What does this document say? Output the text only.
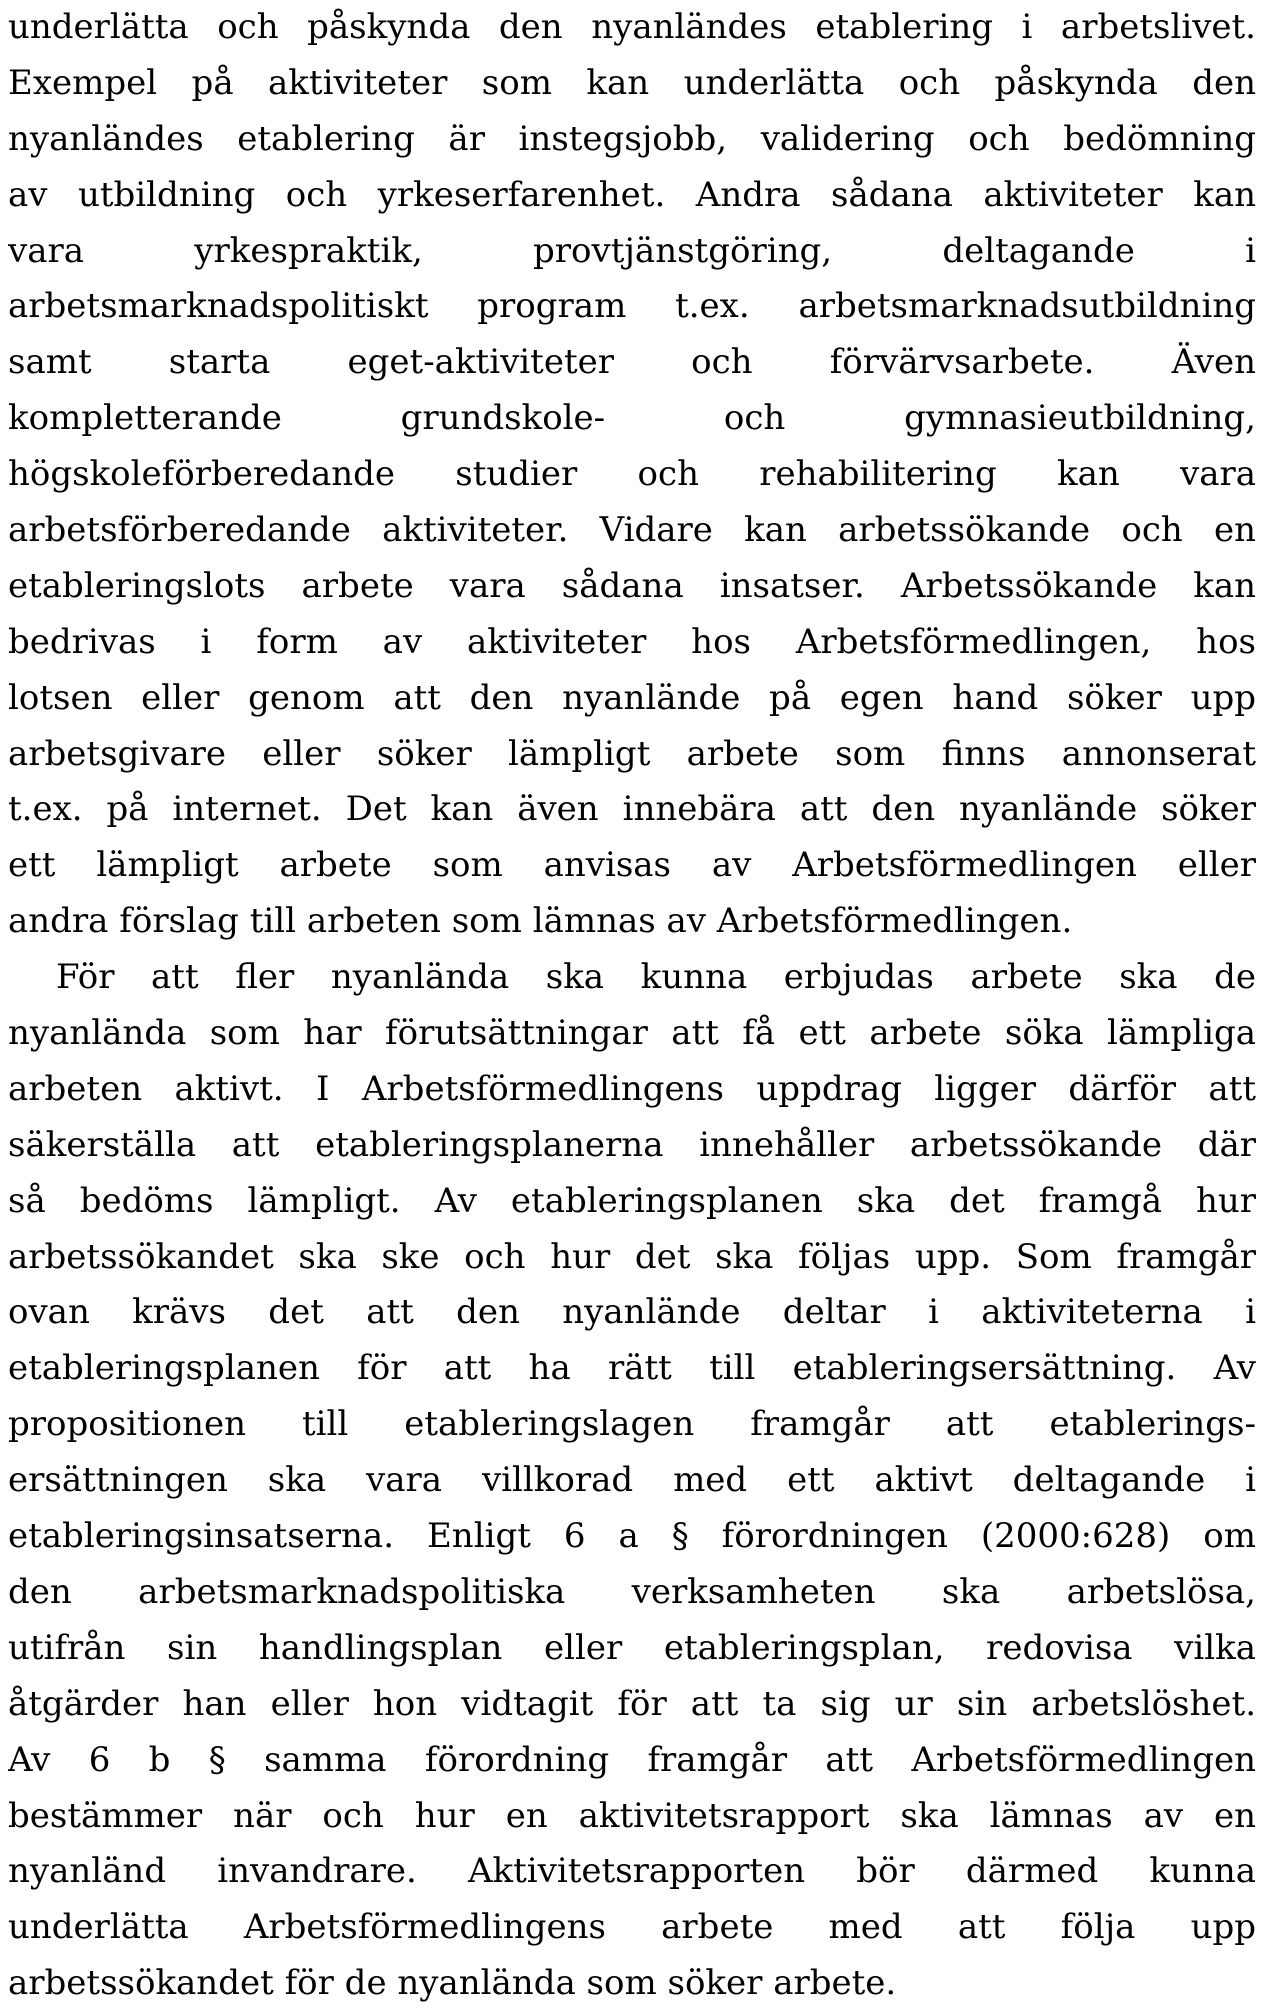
underlätta och påskynda den nyanländes etablering i arbetslivet.
Exempel på aktiviteter som kan underlätta och påskynda den
nyanländes etablering är instegsjobb, validering och bedömning
av utbildning och yrkeserfarenhet. Andra sådana aktiviteter kan
vara yrkespraktik, provtjänstgöring, deltagande i
arbetsmarknadspolitiskt program t.ex. arbetsmarknadsutbildning
samt starta eget-aktiviteter och förvärvsarbete. Även
kompletterande grundskole- och gymnasieutbildning,
högskoleförberedande studier och rehabilitering kan vara
arbetsförberedande aktiviteter. Vidare kan arbetssökande och en
etableringslots arbete vara sådana insatser. Arbetssökande kan
bedrivas i form av aktiviteter hos Arbetsförmedlingen, hos
lotsen eller genom att den nyanlände på egen hand söker upp
arbetsgivare eller söker lämpligt arbete som finns annonserat
t.ex. på internet. Det kan även innebära att den nyanlände söker
ett lämpligt arbete som anvisas av Arbetsförmedlingen eller
andra förslag till arbeten som lämnas av Arbetsförmedlingen.
För att fler nyanlända ska kunna erbjudas arbete ska de
nyanlända som har förutsättningar att få ett arbete söka lämpliga
arbeten aktivt. I Arbetsförmedlingens uppdrag ligger därför att
säkerställa att etableringsplanerna innehåller arbetssökande där
så bedöms lämpligt. Av etableringsplanen ska det framgå hur
arbetssökandet ska ske och hur det ska följas upp. Som framgår
ovan krävs det att den nyanlände deltar i aktiviteterna i
etableringsplanen för att ha rätt till etableringsersättning. Av
propositionen till etableringslagen framgår att etablerings-
ersättningen ska vara villkorad med ett aktivt deltagande i
etableringsinsatserna. Enligt 6 a § förordningen (2000:628) om
den arbetsmarknadspolitiska verksamheten ska arbetslösa,
utifrån sin handlingsplan eller etableringsplan, redovisa vilka
åtgärder han eller hon vidtagit för att ta sig ur sin arbetslöshet.
Av 6 b § samma förordning framgår att Arbetsförmedlingen
bestämmer när och hur en aktivitetsrapport ska lämnas av en
nyanländ invandrare. Aktivitetsrapporten bör därmed kunna
underlätta Arbetsförmedlingens arbete med att följa upp
arbetssökandet för de nyanlända som söker arbete.
